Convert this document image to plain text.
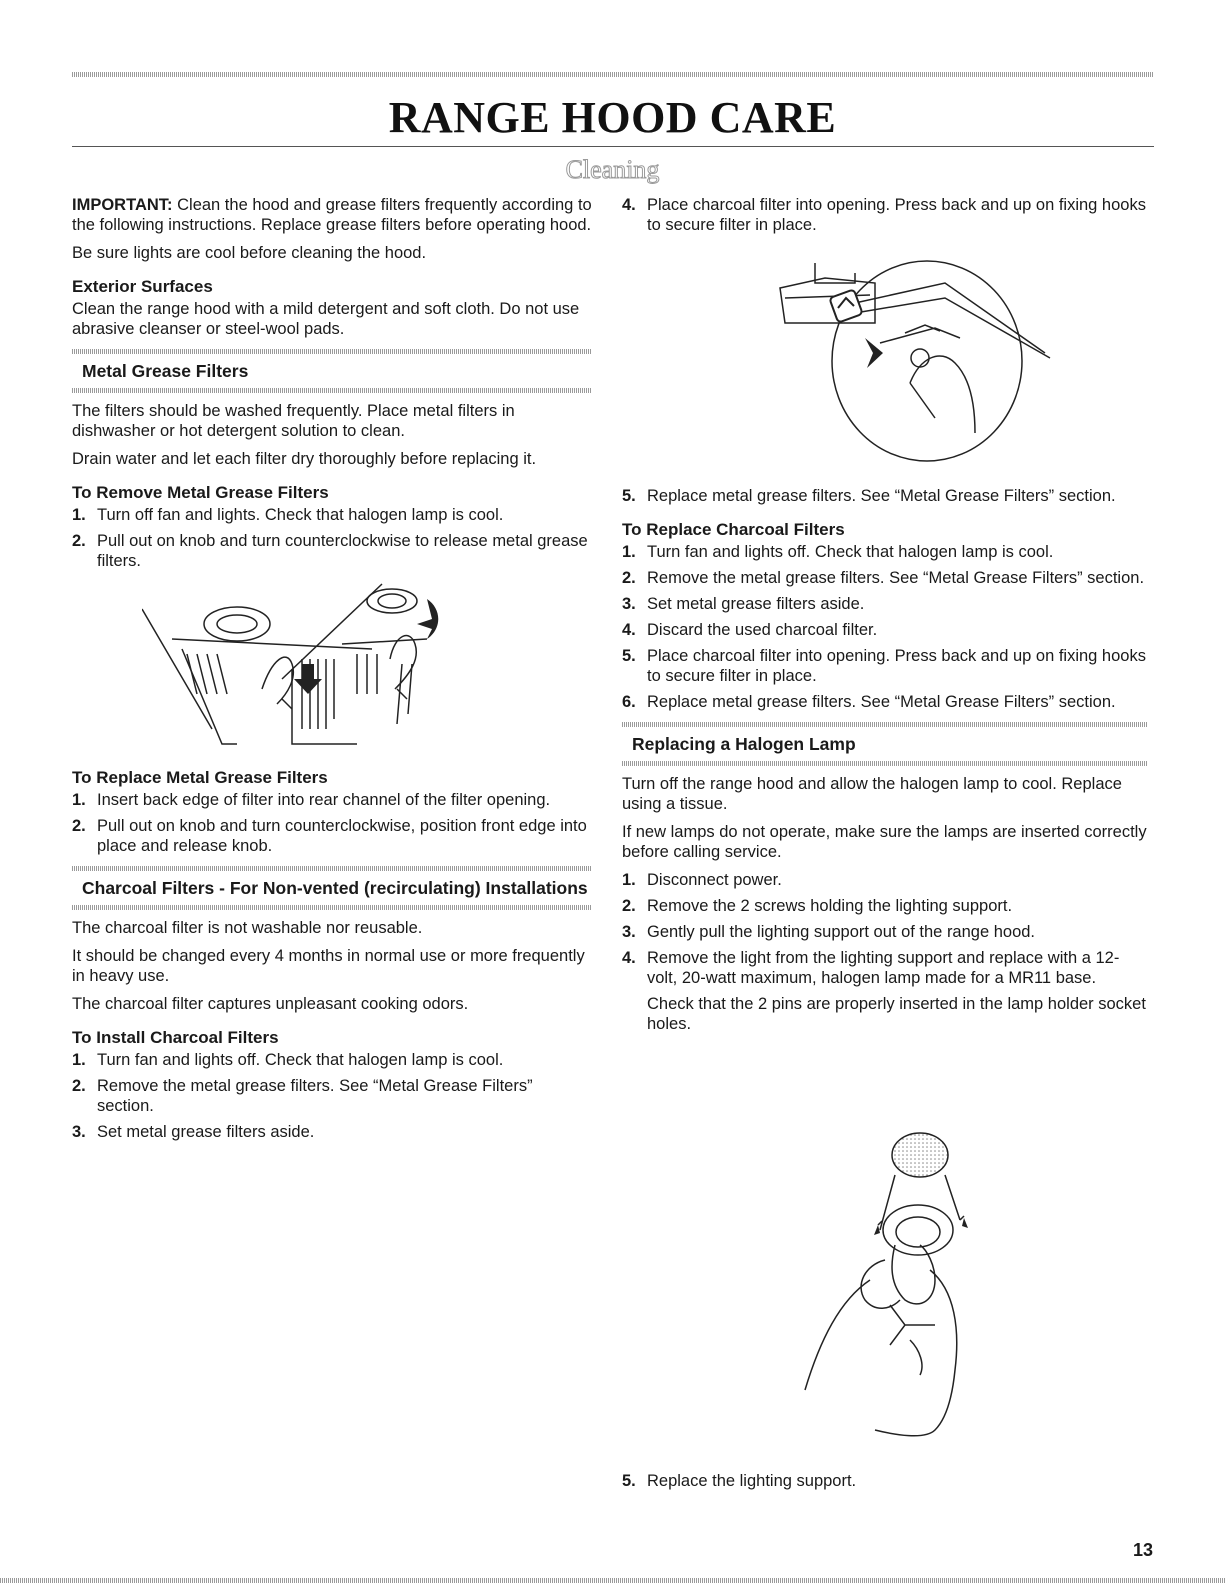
RANGE HOOD CARE
Cleaning

IMPORTANT: Clean the hood and grease filters frequently according to the following instructions. Replace grease filters before operating hood.

Be sure lights are cool before cleaning the hood.

Exterior Surfaces

Clean the range hood with a mild detergent and soft cloth. Do not use abrasive cleanser or steel-wool pads.

Metal Grease Filters

The filters should be washed frequently. Place metal filters in dishwasher or hot detergent solution to clean.

Drain water and let each filter dry thoroughly before replacing it.

To Remove Metal Grease Filters
1. Turn off fan and lights. Check that halogen lamp is cool.
2. Pull out on knob and turn counterclockwise to release metal grease filters.
To Replace Metal Grease Filters
1. Insert back edge of filter into rear channel of the filter opening.
2. Pull out on knob and turn counterclockwise, position front edge into place and release knob.
Charcoal Filters - For Non-vented (recirculating) Installations

The charcoal filter is not washable nor reusable.

It should be changed every 4 months in normal use or more frequently in heavy use.

The charcoal filter captures unpleasant cooking odors.

To Install Charcoal Filters
1. Turn fan and lights off. Check that halogen lamp is cool.
2. Remove the metal grease filters. See “Metal Grease Filters” section.
3. Set metal grease filters aside.
4. Place charcoal filter into opening. Press back and up on fixing hooks to secure filter in place.
5. Replace metal grease filters. See “Metal Grease Filters” section.
To Replace Charcoal Filters
1. Turn fan and lights off. Check that halogen lamp is cool.
2. Remove the metal grease filters. See “Metal Grease Filters” section.
3. Set metal grease filters aside.
4. Discard the used charcoal filter.
5. Place charcoal filter into opening. Press back and up on fixing hooks to secure filter in place.
6. Replace metal grease filters. See “Metal Grease Filters” section.
Replacing a Halogen Lamp

Turn off the range hood and allow the halogen lamp to cool. Replace using a tissue.

If new lamps do not operate, make sure the lamps are inserted correctly before calling service.

1. Disconnect power.
2. Remove the 2 screws holding the lighting support.
3. Gently pull the lighting support out of the range hood.
4. Remove the light from the lighting support and replace with a 12-volt, 20-watt maximum, halogen lamp made for a MR11 base.
Check that the 2 pins are properly inserted in the lamp holder socket holes.
5. Replace the lighting support.
13
